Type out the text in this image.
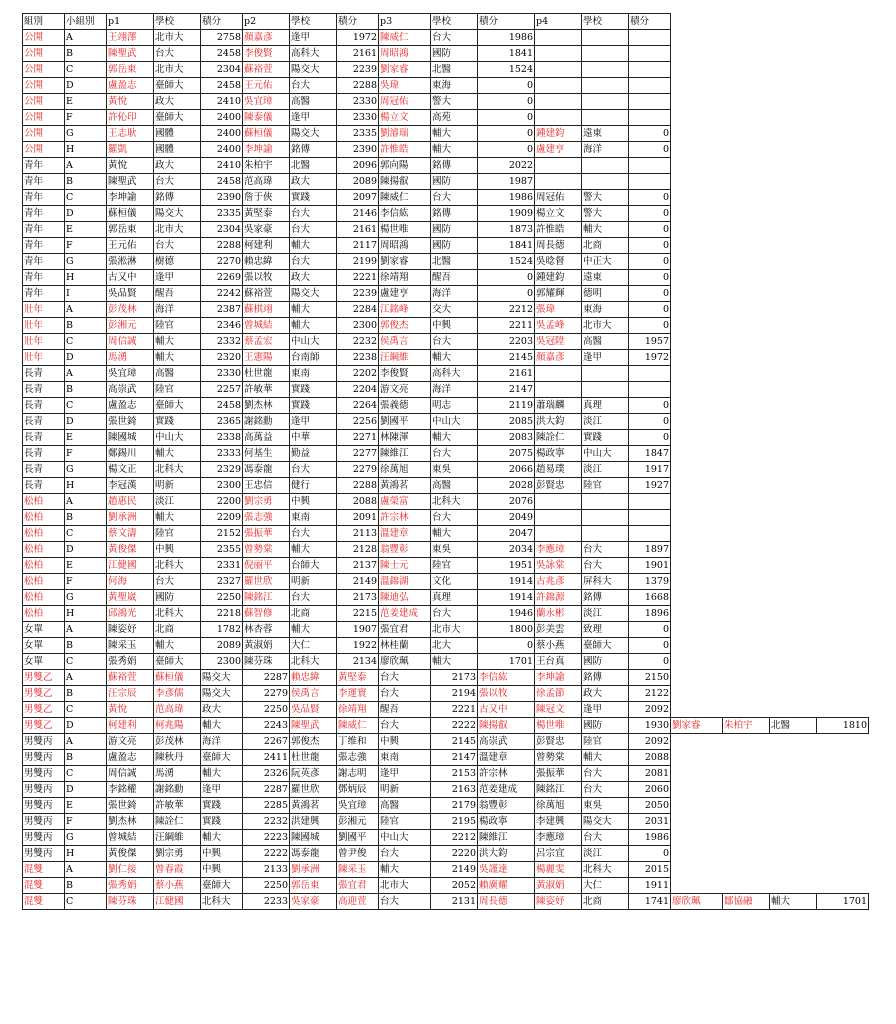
組別	小組別	p1	學校	積分	p2	學校	積分	p3	學校	積分	p4	學校	積分				
公開	A	王翊澤	北市大	2758	顏嘉彥	逢甲	1972	陳威仁	台大	1986							
公開	B	陳聖武	台大	2458	李俊賢	高科大	2161	周昭鴻	國防	1841							
公開	C	郭岳東	北市大	2304	蘇裕萱	陽交大	2239	劉家睿	北醫	1524							
公開	D	盧盈志	臺師大	2458	王元佑	台大	2288	吳瑋	東海	0							
公開	E	黃悅	政大	2410	吳宜璋	高醫	2330	周冠佑	警大	0							
公開	F	許伈印	臺師大	2400	陳泰儀	逢甲	2330	楊立文	高苑	0							
公開	G	王志耿	國體	2400	蘇桓儀	陽交大	2335	劉濬瑞	輔大	0	鍾建鈞	遠東	0				
公開	H	羅凱	國體	2400	李坤諭	銘傳	2390	許惟皓	輔大	0	盧建亨	海洋	0				
青年	A	黃悅	政大	2410	朱柏宇	北醫	2096	郭向陽	銘傳	2022							
青年	B	陳聖武	台大	2458	范高瑋	政大	2089	陳揚叡	國防	1987							
青年	C	李坤諭	銘傳	2390	詹于俠	實踐	2097	陳威仁	台大	1986	周冠佑	警大	0				
青年	D	蘇桓儀	陽交大	2335	黃堅泰	台大	2146	李信紘	銘傳	1909	楊立文	警大	0				
青年	E	郭岳東	北市大	2304	吳家豪	台大	2161	楊世唯	國防	1873	許惟皓	輔大	0				
青年	F	王元佑	台大	2288	柯建利	輔大	2117	周昭鴻	國防	1841	周長德	北商	0				
青年	G	張淞淋	樹德	2270	賴忠緯	台大	2199	劉家睿	北醫	1524	吳唸督	中正大	0				
青年	H	古又中	逢甲	2269	張以牧	政大	2221	徐靖翔	醒吾	0	鍾建鈞	遠東	0				
青年	I	吳品賢	醒吾	2242	蘇裕萱	陽交大	2239	盧建亨	海洋	0	郭耀輝	德明	0				
壯年	A	彭茂林	海洋	2387	蘇棋翊	輔大	2284	江銘峰	交大	2212	張瑋	東海	0				
壯年	B	彭湘元	陸官	2346	曾城結	輔大	2300	郭俊杰	中興	2211	吳孟峰	北市大	0				
壯年	C	周信誠	輔大	2332	蔡孟宏	中山大	2232	侯禹言	台大	2203	吳冠陞	高醫	1957				
壯年	D	馬湧	輔大	2320	王憲陽	台南師	2238	汪綱維	輔大	2145	顏嘉彥	逢甲	1972				
長青	A	吳宜璋	高醫	2330	杜世龍	東南	2202	李俊賢	高科大	2161							
長青	B	高崇武	陸官	2257	許敏華	實踐	2204	游文亮	海洋	2147							
長青	C	盧盈志	臺師大	2458	劉杰林	實踐	2264	張義德	明志	2119	蕭瑞麟	真理	0				
長青	D	張世錡	實踐	2365	謝銘勳	逢甲	2256	劉國平	中山大	2085	洪大鈞	淡江	0				
長青	E	陳國城	中山大	2338	高萬益	中華	2271	林陳渾	輔大	2083	陳詮仁	實踐	0				
長青	F	鄭錫川	輔大	2333	何基生	勤益	2277	陳維江	台大	2075	楊政寧	中山大	1847				
長青	G	楊文正	北科大	2329	馮泰龍	台大	2279	徐萬旭	東吳	2066	趙易璞	淡江	1917				
長青	H	李冠漢	明新	2300	王忠信	健行	2288	黃鴻茗	高醫	2028	彭賢忠	陸官	1927				
松柏	A	趙惠民	淡江	2200	劉宗勇	中興	2088	盧榮富	北科大	2076							
松柏	B	劉承洲	輔大	2209	張志強	東南	2091	許宗林	台大	2049							
松柏	C	蔡文濤	陸官	2152	張振華	台大	2113	溫建章	輔大	2047							
松柏	D	黃俊傑	中興	2355	曾勢棠	輔大	2128	翁豐彰	東吳	2034	李應璋	台大	1897				
松柏	E	江健國	北科大	2331	倪丽平	台師大	2137	陳士元	陸官	1951	吳詠棠	台大	1901				
松柏	F	何海	台大	2327	羅世欣	明新	2149	溫錦湖	文化	1914	古兆彥	屏科大	1379				
松柏	G	黃聖崴	國防	2250	陳銘江	台大	2173	陳迪弘	真理	1914	許錦源	銘傳	1668				
松柏	H	邱鴻光	北科大	2218	蘇智修	北商	2215	范姜建成	台大	1946	蘭永彬	淡江	1896				
女單	A	陳姿妤	北商	1782	林杏蓉	輔大	1907	張宜君	北市大	1800	彭美雲	致理	0				
女單	B	陳采玉	輔大	2089	黃淑娟	大仁	1922	林桂蘭	北大	0	蔡小燕	臺師大	0				
女單	C	張秀娟	臺師大	2300	陳芬珠	北科大	2134	廖欣珮	輔大	1701	王台真	國防	0				
男雙乙	A	蘇裕萱	蘇桓儀	陽交大	2287	賴忠緯	黃堅泰	台大	2173	李信紘	李坤諭	銘傳	2150				
男雙乙	B	汪宗辰	李彥儒	陽交大	2279	侯禹言	李運寰	台大	2194	張以牧	徐孟節	政大	2122				
男雙乙	C	黃悅	范高瑋	政大	2250	吳品賢	徐靖翔	醒吾	2221	古又中	陳冠文	逢甲	2092				
男雙乙	D	柯建利	柯兆陽	輔大	2243	陳聖武	陳威仁	台大	2222	陳揚叡	楊世唯	國防	1930	劉家睿	朱柏宇	北醫	1810
男雙丙	A	游文亮	彭茂林	海洋	2267	郭俊杰	丁维和	中興	2145	高崇武	彭賢忠	陸官	2092				
男雙丙	B	盧盈志	陳秋丹	臺師大	2411	杜世龍	張志強	東南	2147	溫建章	曾勢棠	輔大	2088				
男雙丙	C	周信誠	馬湧	輔大	2326	阮英彥	謝志明	逢甲	2153	許宗林	張振華	台大	2081				
男雙丙	D	李銘權	謝銘勳	逢甲	2287	羅世欣	鄧炳辰	明新	2163	范姜建成	陳銘江	台大	2060				
男雙丙	E	張世錡	許敏華	實踐	2285	黃鴻茗	吳宜璋	高醫	2179	翁豐彰	徐萬旭	東吳	2050				
男雙丙	F	劉杰林	陳詮仁	實踐	2232	洪建興	彭湘元	陸官	2195	楊政寧	李建興	陽交大	2031				
男雙丙	G	曾城結	汪綱維	輔大	2223	陳國城	劉國平	中山大	2212	陳維江	李應璋	台大	1986				
男雙丙	H	黃俊傑	劉宗勇	中興	2222	馮泰龍	曾尹俊	台大	2220	洪大鈞	呂宗宜	淡江	0				
混雙	A	劉仁接	曾春霞	中興	2133	劉承洲	陳采玉	輔大	2149	吳謹達	楊麗雯	北科大	2015				
混雙	B	張秀娟	蔡小燕	臺師大	2250	郭岳東	張宜君	北市大	2052	賴廣耀	黃淑娟	大仁	1911				
混雙	C	陳芬珠	江健國	北科大	2233	吳家豪	高迎萱	台大	2131	周長德	陳姿妤	北商	1741	廖欣珮	鄒協融	輔大	1701
